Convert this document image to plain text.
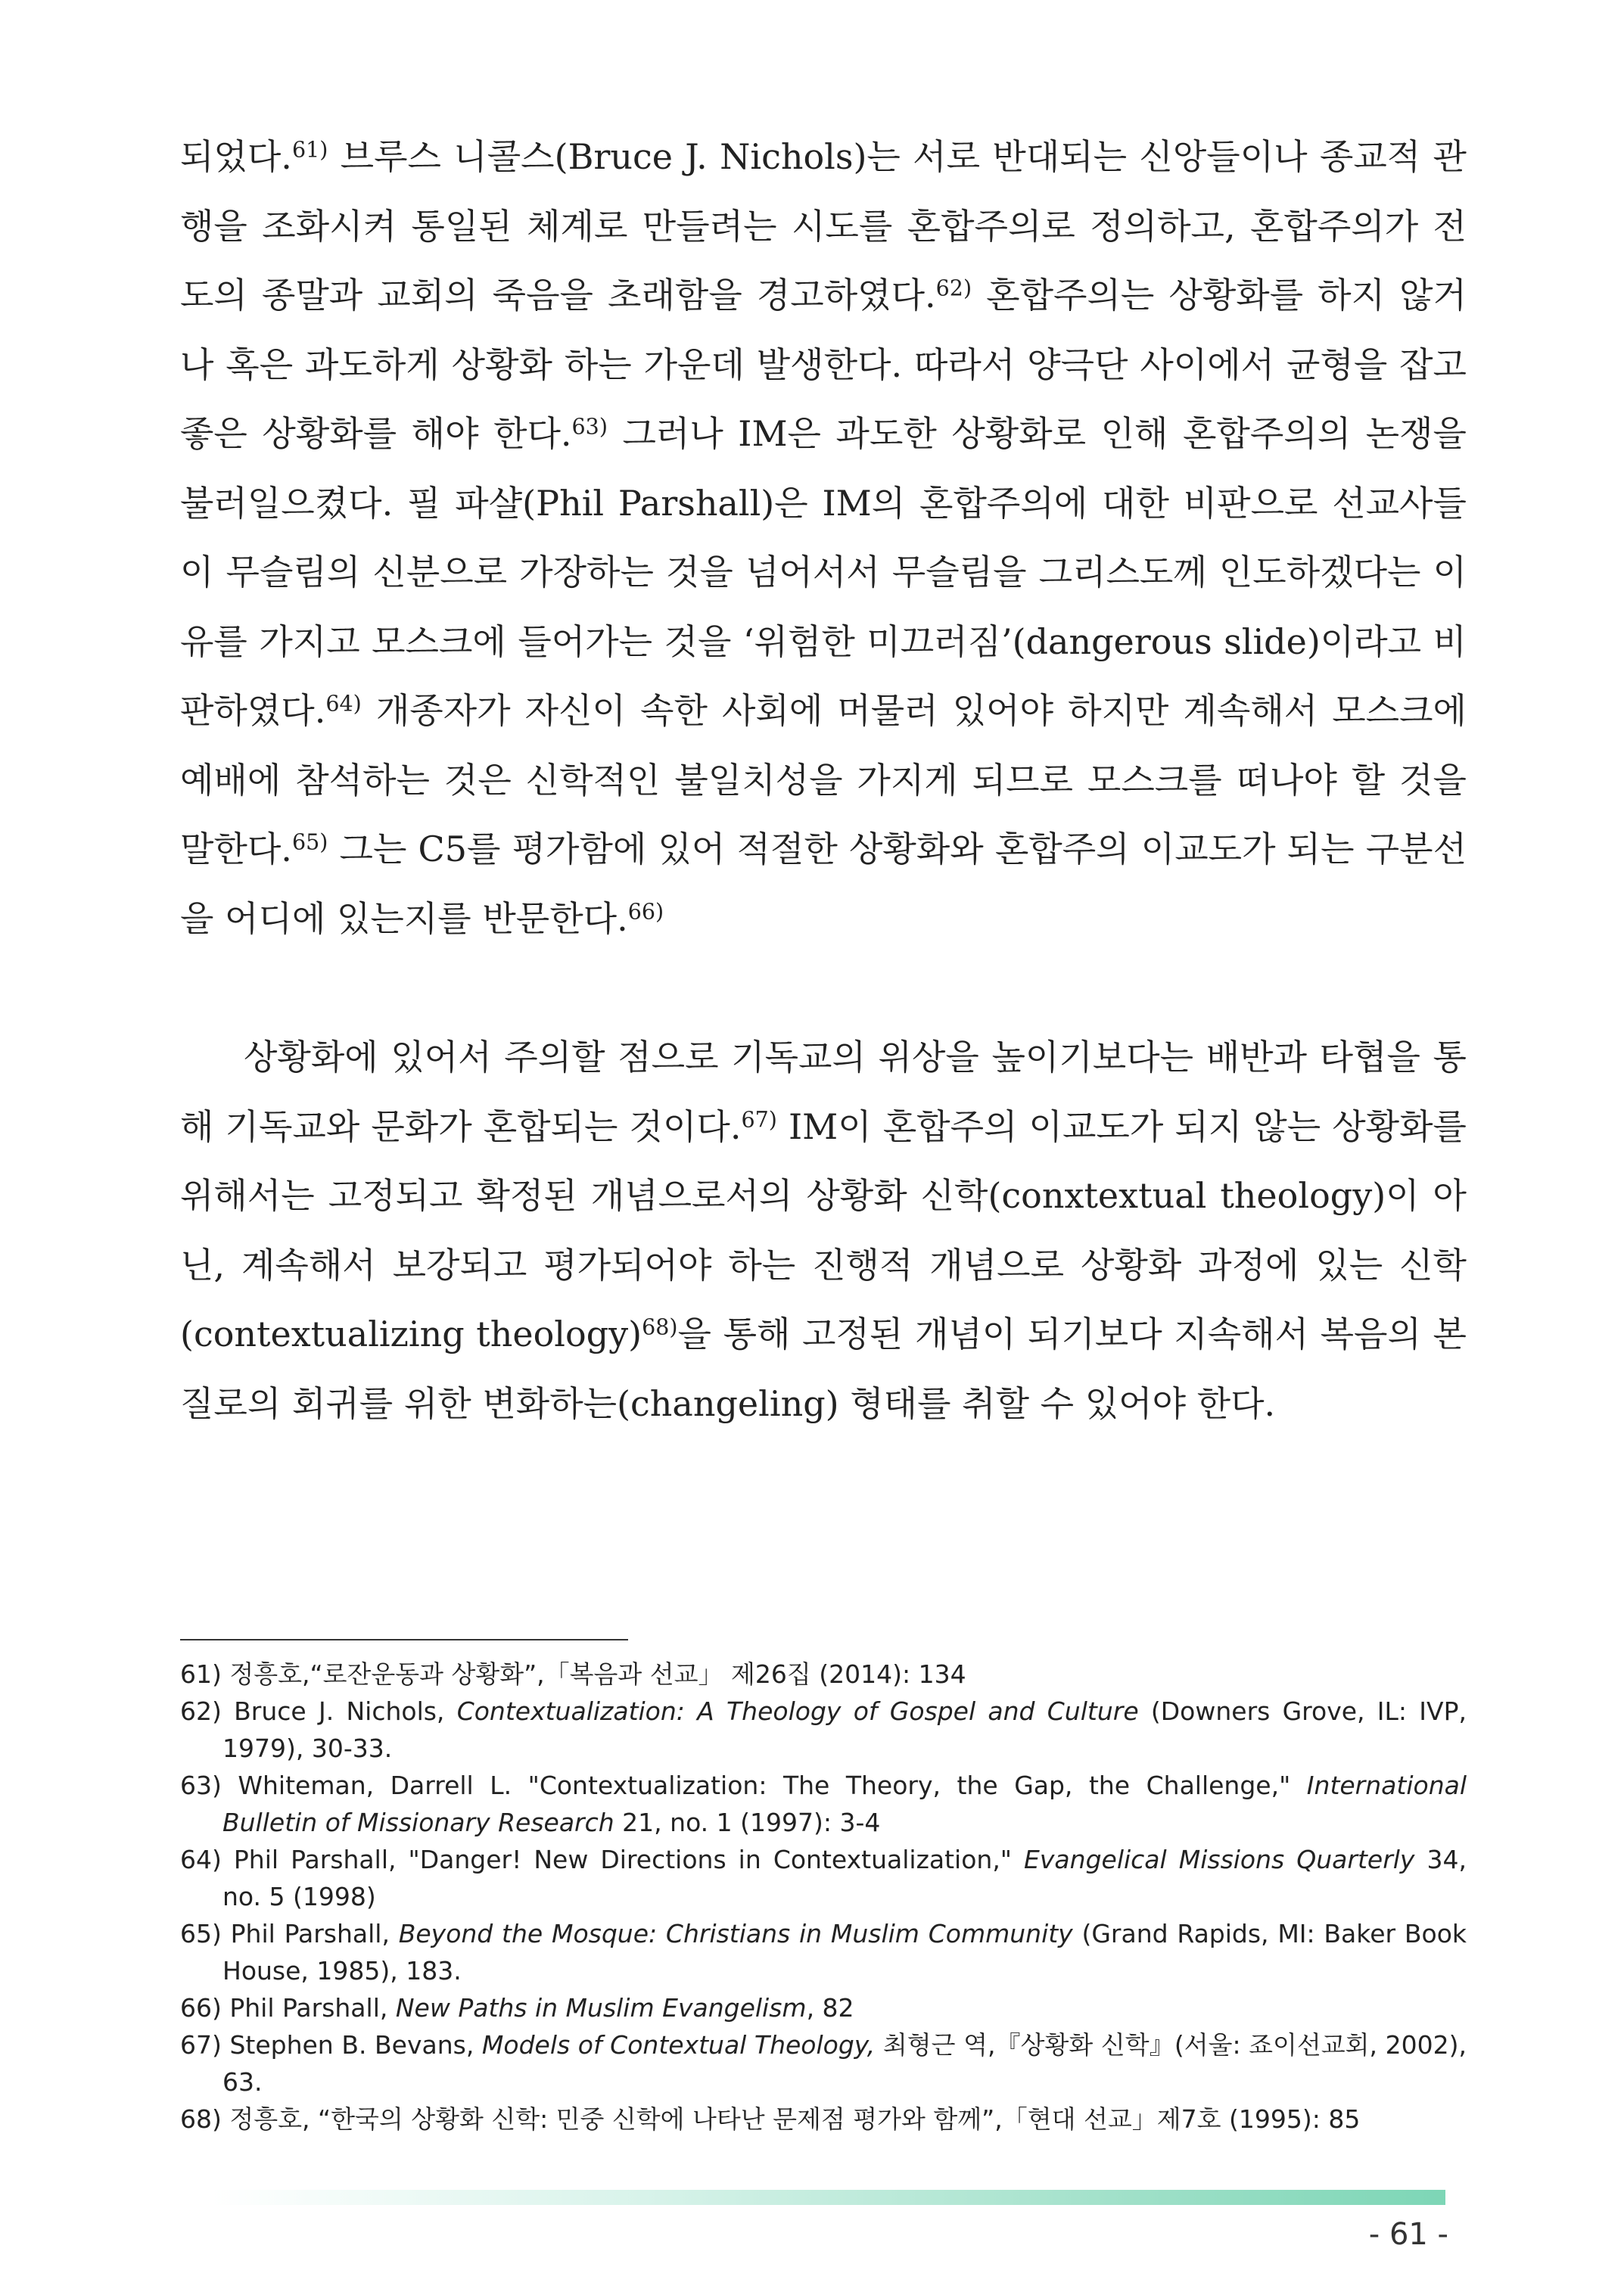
되었다.$^{61)}$ 브루스 니콜스(Bruce J. Nichols)는 서로 반대되는 신앙들이나 종교적 관행을 조화시켜 통일된 체계로 만들려는 시도를 혼합주의로 정의하고, 혼합주의가 전도의 종말과 교회의 죽음을 초래함을 경고하였다.$^{62)}$ 혼합주의는 상황화를 하지 않거나 혹은 과도하게 상황화 하는 가운데 발생한다. 따라서 양극단 사이에서 균형을 잡고 좋은 상황화를 해야 한다.$^{63)}$ 그러나 IM은 과도한 상황화로 인해 혼합주의의 논쟁을 불러일으켰다. 필 파샬(Phil Parshall)은 IM의 혼합주의에 대한 비판으로 선교사들이 무슬림의 신분으로 가장하는 것을 넘어서서 무슬림을 그리스도께 인도하겠다는 이유를 가지고 모스크에 들어가는 것을 ‘위험한 미끄러짐’(dangerous slide)이라고 비판하였다.$^{64)}$ 개종자가 자신이 속한 사회에 머물러 있어야 하지만 계속해서 모스크에 예배에 참석하는 것은 신학적인 불일치성을 가지게 되므로 모스크를 떠나야 할 것을 말한다.$^{65)}$ 그는 C5를 평가함에 있어 적절한 상황화와 혼합주의 이교도가 되는 구분선을 어디에 있는지를 반문한다.$^{66)}$

상황화에 있어서 주의할 점으로 기독교의 위상을 높이기보다는 배반과 타협을 통해 기독교와 문화가 혼합되는 것이다.$^{67)}$ IM이 혼합주의 이교도가 되지 않는 상황화를 위해서는 고정되고 확정된 개념으로서의 상황화 신학(conxtextual theology)이 아닌, 계속해서 보강되고 평가되어야 하는 진행적 개념으로 상황화 과정에 있는 신학(contextualizing theology)$^{68)}$을 통해 고정된 개념이 되기보다 지속해서 복음의 본질로의 회귀를 위한 변화하는(changeling) 형태를 취할 수 있어야 한다.

61) 정흥호,“로잔운동과 상황화”,「복음과 선교」 제26집 (2014): 134

62) Bruce J. Nichols, Contextualization: A Theology of Gospel and Culture (Downers Grove, IL: IVP, 1979), 30-33.

63) Whiteman, Darrell L. "Contextualization: The Theory, the Gap, the Challenge," International Bulletin of Missionary Research 21, no. 1 (1997): 3-4

64) Phil Parshall, "Danger! New Directions in Contextualization," Evangelical Missions Quarterly 34, no. 5 (1998)

65) Phil Parshall, Beyond the Mosque: Christians in Muslim Community (Grand Rapids, MI: Baker Book House, 1985), 183.

66) Phil Parshall, New Paths in Muslim Evangelism, 82

67) Stephen B. Bevans, Models of Contextual Theology, 최형근 역,『상황화 신학』(서울: 죠이선교회, 2002), 63.

68) 정흥호, “한국의 상황화 신학: 민중 신학에 나타난 문제점 평가와 함께”,「현대 선교」제7호 (1995): 85

- 61 -
